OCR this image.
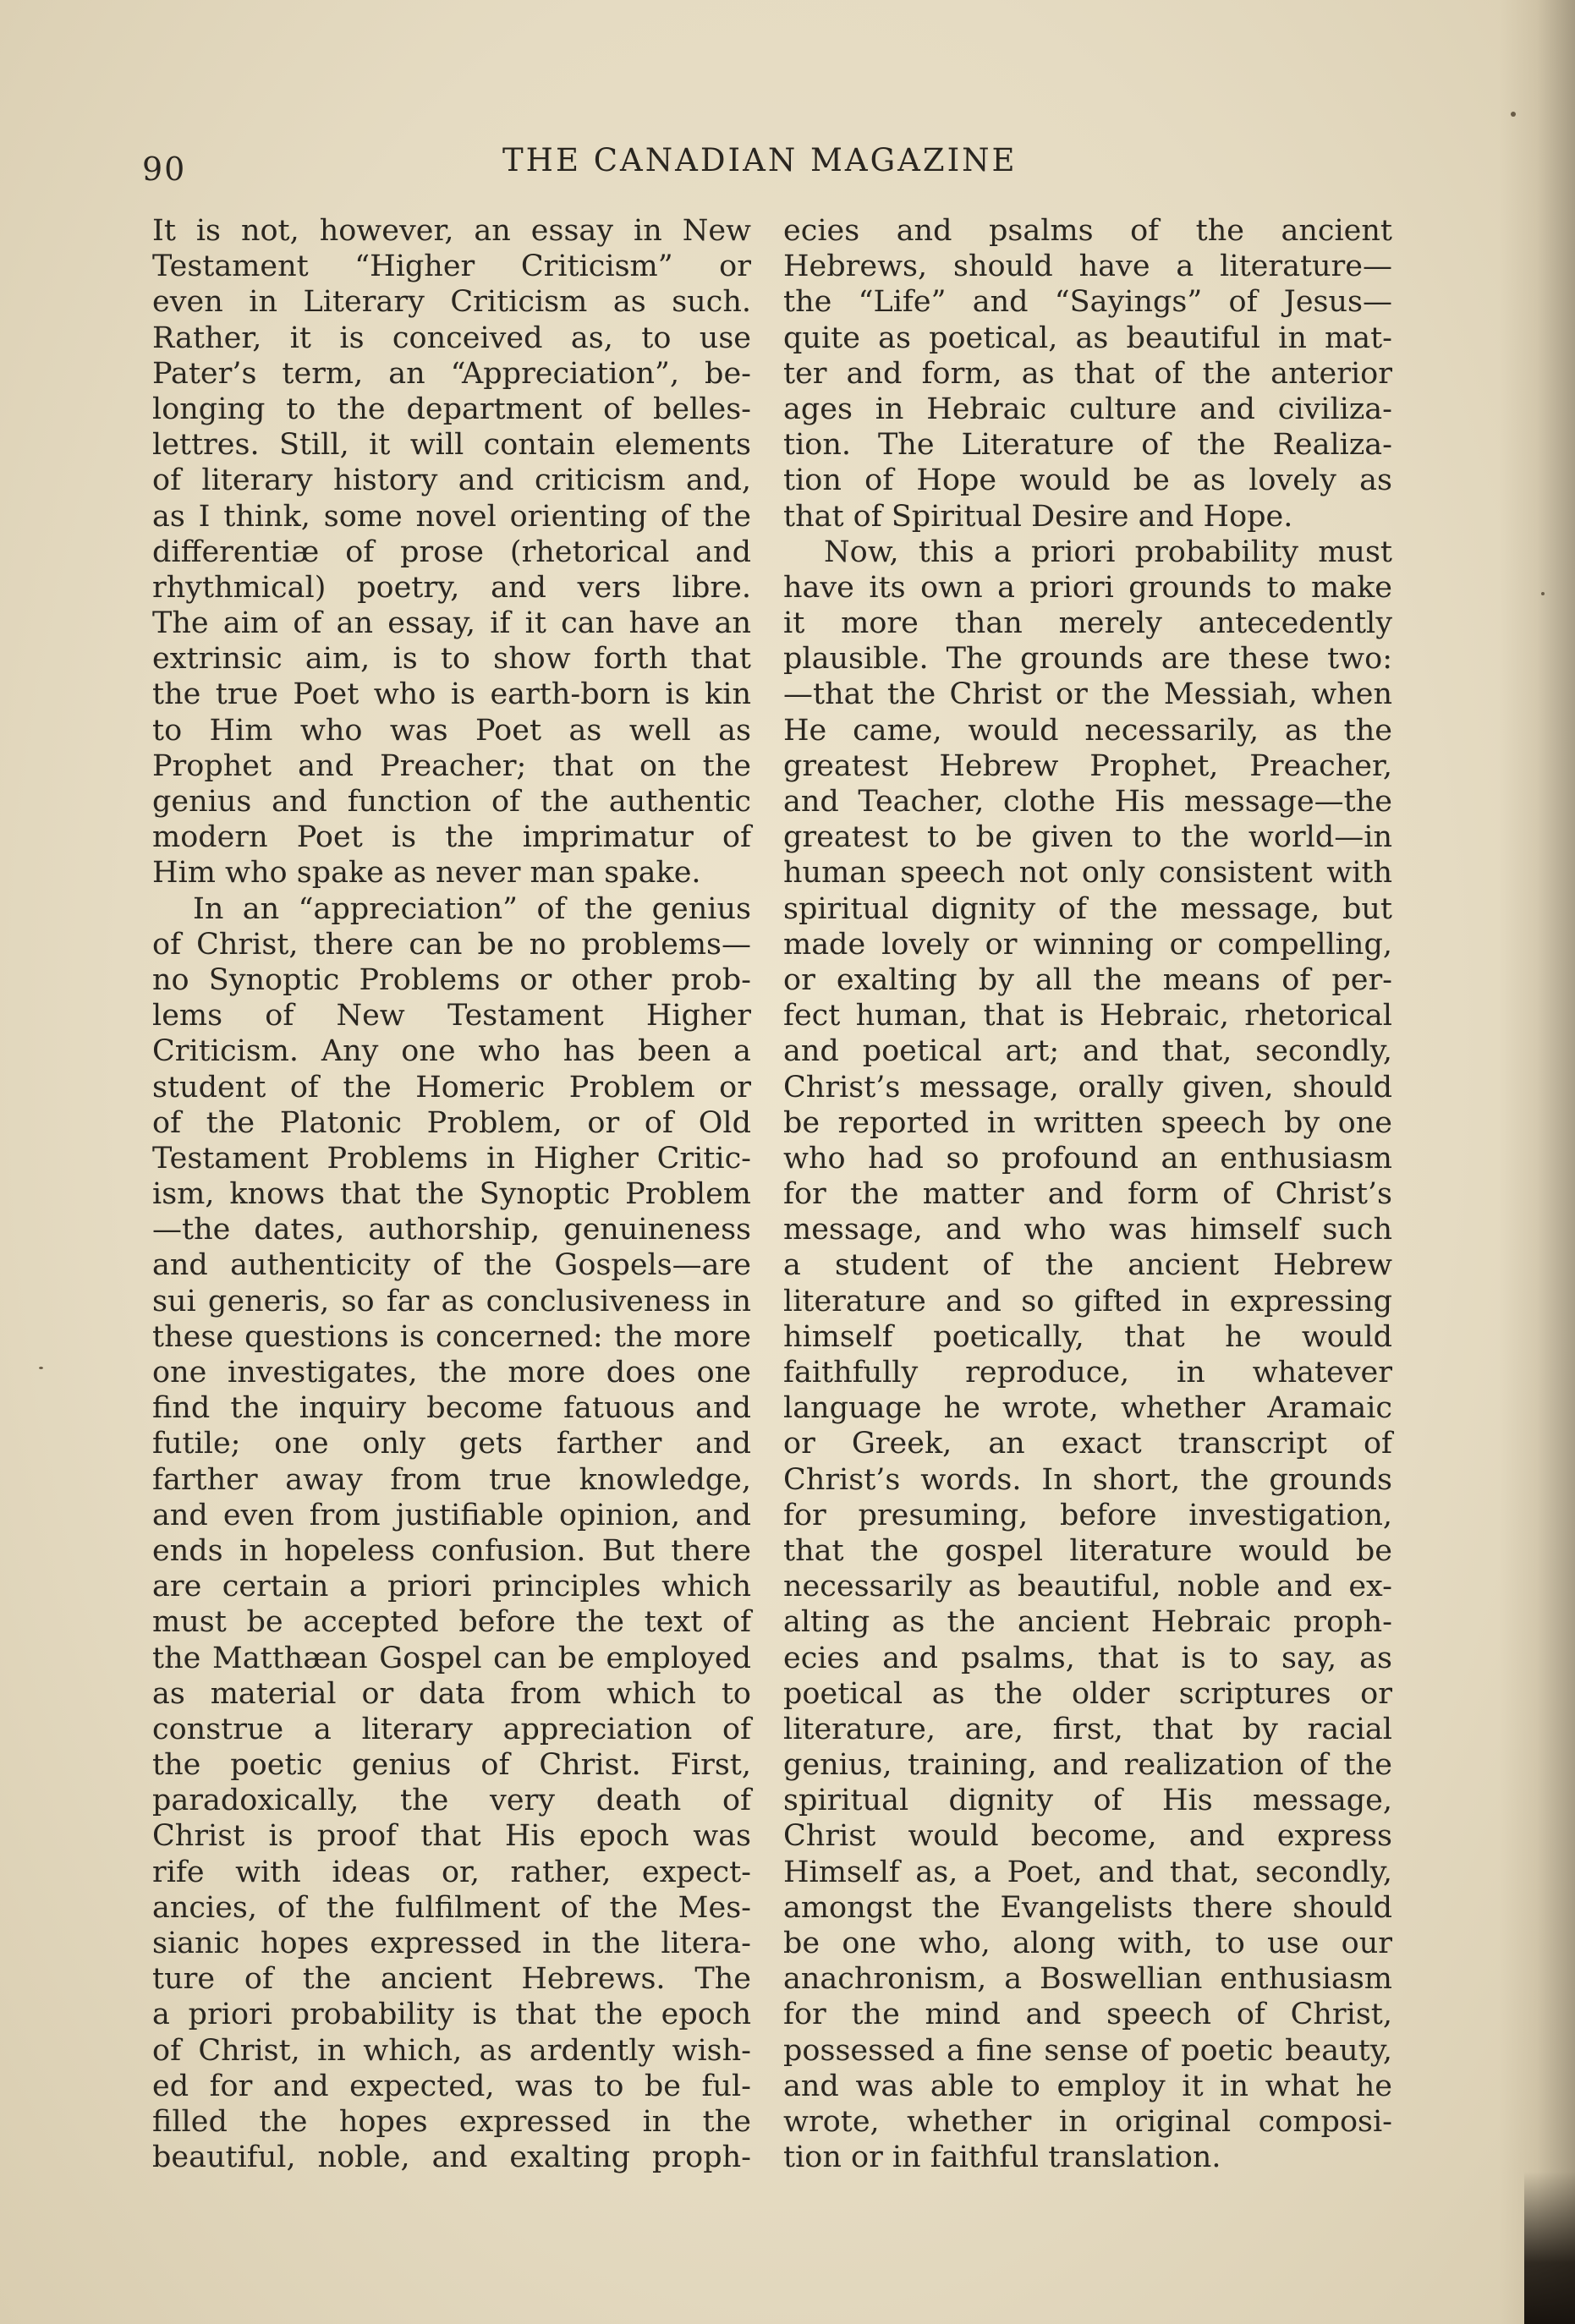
90	THE CANADIAN MAGAZINE
It is not, however, an essay in New
Testament “Higher Criticism” or
even in Literary Criticism as such.
Rather, it is conceived as, to use
Pater’s term, an “Appreciation”, be-
longing to the department of belles-
lettres. Still, it will contain elements
of literary history and criticism and,
as I think, some novel orienting of the
differentiæ of prose (rhetorical and
rhythmical) poetry, and vers libre.
The aim of an essay, if it can have an
extrinsic aim, is to show forth that
the true Poet who is earth-born is kin
to Him who was Poet as well as
Prophet and Preacher; that on the
genius and function of the authentic
modern Poet is the imprimatur of
Him who spake as never man spake.
In an “appreciation” of the genius
of Christ, there can be no problems—
no Synoptic Problems or other prob-
lems of New Testament Higher
Criticism. Any one who has been a
student of the Homeric Problem or
of the Platonic Problem, or of Old
Testament Problems in Higher Critic-
ism, knows that the Synoptic Problem
—the dates, authorship, genuineness
and authenticity of the Gospels—are
sui generis, so far as conclusiveness in
these questions is concerned: the more
one investigates, the more does one
find the inquiry become fatuous and
futile; one only gets farther and
farther away from true knowledge,
and even from justifiable opinion, and
ends in hopeless confusion. But there
are certain a priori principles which
must be accepted before the text of
the Matthæan Gospel can be employed
as material or data from which to
construe a literary appreciation of
the poetic genius of Christ. First,
paradoxically, the very death of
Christ is proof that His epoch was
rife with ideas or, rather, expect-
ancies, of the fulfilment of the Mes-
sianic hopes expressed in the litera-
ture of the ancient Hebrews. The
a priori probability is that the epoch
of Christ, in which, as ardently wish-
ed for and expected, was to be ful-
filled the hopes expressed in the
beautiful, noble, and exalting proph-
ecies and psalms of the ancient
Hebrews, should have a literature—
the “Life” and “Sayings” of Jesus—
quite as poetical, as beautiful in mat-
ter and form, as that of the anterior
ages in Hebraic culture and civiliza-
tion. The Literature of the Realiza-
tion of Hope would be as lovely as
that of Spiritual Desire and Hope.
Now, this a priori probability must
have its own a priori grounds to make
it more than merely antecedently
plausible. The grounds are these two:
—that the Christ or the Messiah, when
He came, would necessarily, as the
greatest Hebrew Prophet, Preacher,
and Teacher, clothe His message—the
greatest to be given to the world—in
human speech not only consistent with
spiritual dignity of the message, but
made lovely or winning or compelling,
or exalting by all the means of per-
fect human, that is Hebraic, rhetorical
and poetical art; and that, secondly,
Christ’s message, orally given, should
be reported in written speech by one
who had so profound an enthusiasm
for the matter and form of Christ’s
message, and who was himself such
a student of the ancient Hebrew
literature and so gifted in expressing
himself poetically, that he would
faithfully reproduce, in whatever
language he wrote, whether Aramaic
or Greek, an exact transcript of
Christ’s words. In short, the grounds
for presuming, before investigation,
that the gospel literature would be
necessarily as beautiful, noble and ex-
alting as the ancient Hebraic proph-
ecies and psalms, that is to say, as
poetical as the older scriptures or
literature, are, first, that by racial
genius, training, and realization of the
spiritual dignity of His message,
Christ would become, and express
Himself as, a Poet, and that, secondly,
amongst the Evangelists there should
be one who, along with, to use our
anachronism, a Boswellian enthusiasm
for the mind and speech of Christ,
possessed a fine sense of poetic beauty,
and was able to employ it in what he
wrote, whether in original composi-
tion or in faithful translation.
